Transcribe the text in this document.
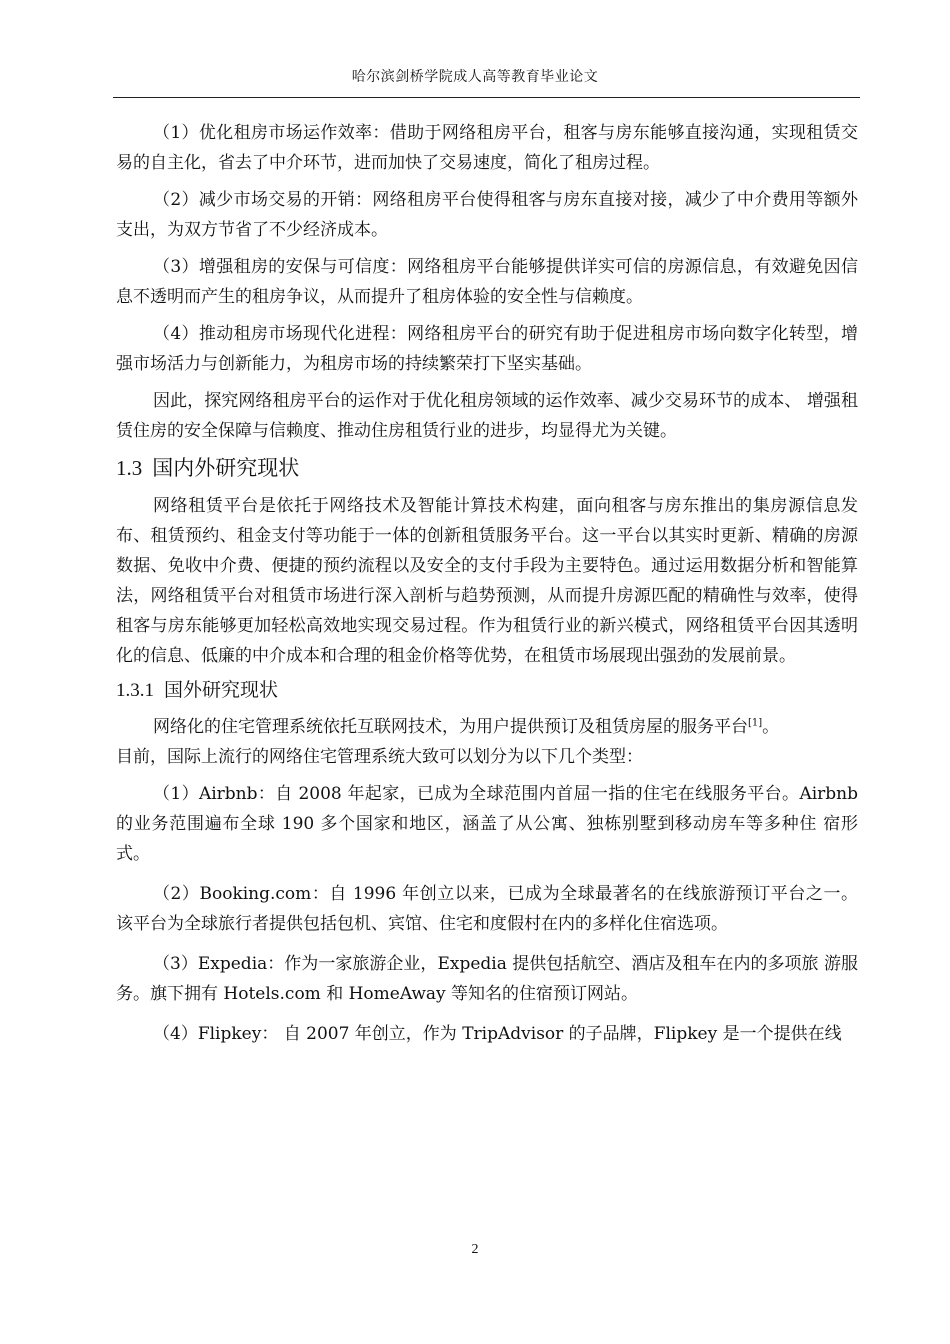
哈尔滨剑桥学院成人高等教育毕业论文

（1）优化租房市场运作效率：借助于网络租房平台，租客与房东能够直接沟通，实现租赁交易的自主化，省去了中介环节，进而加快了交易速度，简化了租房过程。

（2）减少市场交易的开销：网络租房平台使得租客与房东直接对接，减少了中介费用等额外支出，为双方节省了不少经济成本。

（3）增强租房的安保与可信度：网络租房平台能够提供详实可信的房源信息，有效避免因信息不透明而产生的租房争议，从而提升了租房体验的安全性与信赖度。

（4）推动租房市场现代化进程：网络租房平台的研究有助于促进租房市场向数字化转型，增强市场活力与创新能力，为租房市场的持续繁荣打下坚实基础。

因此，探究网络租房平台的运作对于优化租房领域的运作效率、减少交易环节的成本、 增强租赁住房的安全保障与信赖度、推动住房租赁行业的进步，均显得尤为关键。

1.3 国内外研究现状

网络租赁平台是依托于网络技术及智能计算技术构建，面向租客与房东推出的集房源信息发布、租赁预约、租金支付等功能于一体的创新租赁服务平台。这一平台以其实时更新、精确的房源数据、免收中介费、便捷的预约流程以及安全的支付手段为主要特色。通过运用数据分析和智能算法，网络租赁平台对租赁市场进行深入剖析与趋势预测，从而提升房源匹配的精确性与效率，使得租客与房东能够更加轻松高效地实现交易过程。作为租赁行业的新兴模式，网络租赁平台因其透明化的信息、低廉的中介成本和合理的租金价格等优势，在租赁市场展现出强劲的发展前景。

1.3.1 国外研究现状

网络化的住宅管理系统依托互联网技术，为用户提供预订及租赁房屋的服务平台[1]。

目前，国际上流行的网络住宅管理系统大致可以划分为以下几个类型：

（1）Airbnb：自 2008 年起家，已成为全球范围内首屈一指的住宅在线服务平台。Airbnb 的业务范围遍布全球 190 多个国家和地区，涵盖了从公寓、独栋别墅到移动房车等多种住 宿形式。

（2）Booking.com：自 1996 年创立以来，已成为全球最著名的在线旅游预订平台之一。 该平台为全球旅行者提供包括包机、宾馆、住宅和度假村在内的多样化住宿选项。

（3）Expedia：作为一家旅游企业，Expedia 提供包括航空、酒店及租车在内的多项旅 游服务。旗下拥有 Hotels.com 和 HomeAway 等知名的住宿预订网站。

（4）Flipkey： 自 2007 年创立，作为 TripAdvisor 的子品牌，Flipkey 是一个提供在线

2
